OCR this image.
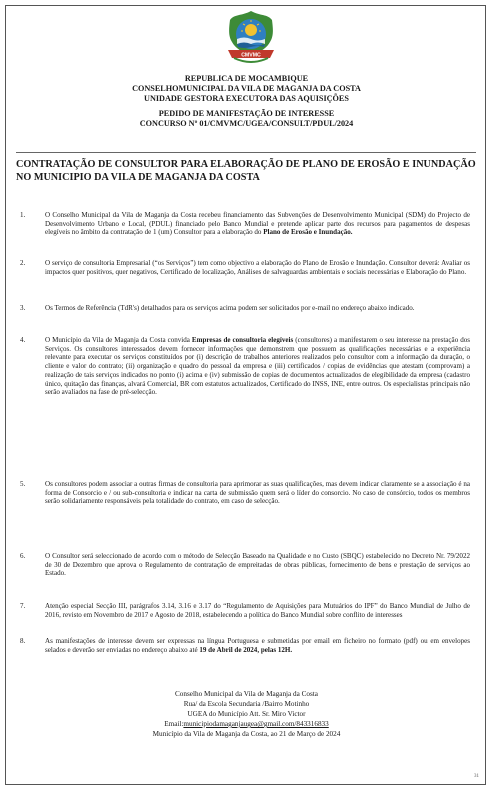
CMVMC
REPUBLICA DE MOCAMBIQUE
CONSELHOMUNICIPAL DA VILA DE MAGANJA DA COSTA
UNIDADE GESTORA EXECUTORA DAS AQUISIÇÕES
PEDIDO DE MANIFESTAÇÃO DE INTERESSE
CONCURSO Nº 01/CMVMC/UGEA/CONSULT/PDUL/2024
CONTRATAÇÃO DE CONSULTOR PARA ELABORAÇÃO DE PLANO DE EROSÃO E INUNDAÇÃO NO MUNICIPIO DA VILA DE MAGANJA DA COSTA
1.	O Conselho Municipal da Vila de Maganja da Costa recebeu financiamento das Subvenções de Desenvolvimento Municipal (SDM) do Projecto de Desenvolvimento Urbano e Local, (PDUL) financiado pelo Banco Mundial e pretende aplicar parte dos recursos para pagamentos de despesas elegíveis no âmbito da contratação de 1 (um) Consultor para a elaboração do Plano de Erosão e Inundação.
2.	O serviço de consultoria Empresarial (“os Serviços”) tem como objectivo a elaboração do Plano de Erosão e Inundação. Consultor deverá: Avaliar os impactos quer positivos, quer negativos, Certificado de localização, Análises de salvaguardas ambientais e sociais necessárias e Elaboração do Plano.
3.	Os Termos de Referência (TdR's) detalhados para os serviços acima podem ser solicitados por e-mail no endereço abaixo indicado.
4.	O Município da Vila de Maganja da Costa convida Empresas de consultoria elegíveis (consultores) a manifestarem o seu interesse na prestação dos Serviços. Os consultores interessados devem fornecer informações que demonstrem que possuem as qualificações necessárias e a experiência relevante para executar os serviços constituídos por (i) descrição de trabalhos anteriores realizados pelo consultor com a informação da duração, o cliente e valor do contrato; (ii) organização e quadro do pessoal da empresa e (iii) certificados / copias de evidências que atestam (comprovam) a realização de tais serviços indicados no ponto (i) acima e (iv) submissão de copias de documentos actualizados de elegibilidade da empresa (cadastro único, quitação das finanças, alvará Comercial, BR com estatutos actualizados, Certificado do INSS, INE, entre outros. Os especialistas principais não serão avaliados na fase de pré-selecção.
5.	Os consultores podem associar a outras firmas de consultoria para aprimorar as suas qualificações, mas devem indicar claramente se a associação é na forma de Consorcio e / ou sub-consultoria e indicar na carta de submissão quem será o líder do consorcio. No caso de consórcio, todos os membros serão solidariamente responsáveis pela totalidade do contrato, em caso de selecção.
6.	O Consultor será seleccionado de acordo com o método de Selecção Baseado na Qualidade e no Custo (SBQC) estabelecido no Decreto Nr. 79/2022 de 30 de Dezembro que aprova o Regulamento de contratação de empreitadas de obras públicas, fornecimento de bens e prestação de serviços ao Estado.
7.	Atenção especial Secção III, parágrafos 3.14, 3.16 e 3.17 do “Regulamento de Aquisições para Mutuários do IPF” do Banco Mundial de Julho de 2016, revisto em Novembro de 2017 e Agosto de 2018, estabelecendo a política do Banco Mundial sobre conflito de interesses
8.	As manifestações de interesse devem ser expressas na língua Portuguesa e submetidas por email em ficheiro no formato (pdf) ou em envelopes selados e deverão ser enviadas no endereço abaixo até 19 de Abril de 2024, pelas 12H.
Conselho Municipal da Vila de Maganja da Costa
Rua/ da Escola Secundaria /Bairro Motinho
UGEA do Município Att. Sr. Miro Victor
Email:municipiodamaganjaugea@gmail.com/843316833
Município da Vila de Maganja da Costa, ao 21 de Março de 2024
31
